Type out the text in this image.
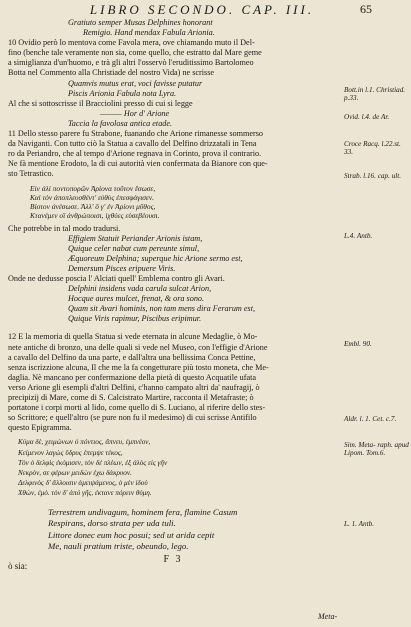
LIBRO SECONDO. CAP. III.	65

Gratiuto semper Musas Delphines honorant

Remigio. Hand mendax Fabula Arionia.

10 Ovidio però lo mentova come Favola mera, ove chiamando muto il Del-

fino (benche tale veramente non sia, come quello, che estratto dal Mare geme

a simiglianza d'un'huomo, e trà gli altri l'osservò l'eruditissimo Bartolomeo

Botta nel Commento alla Christiade del nostro Vida) ne scrisse

Quamvis mutus erat, voci favisse putatur

Piscis Arionia Fabula nota Lyra.

Al che si sottoscrisse il Bracciolini presso di cui si legge

——— Hor d' Arione

Taccia la favolosa antica etade.

11 Dello stesso parere fu Strabone, fuanando che Arione rimanesse sommerso

da Naviganti. Con tutto ciò la Statua a cavallo del Delfino drizzatali in Tena

ro da Periandro, che al tempo d'Arione regnava in Corinto, prova il contrario.

Ne fà mentione Erodoto, la di cui autorità vien confermata da Bianore con que-

sto Tetrastico.

Εἰν ἁλὶ ποντοπορῶν Ἀρίονα τοῦτον ἔσωσε,

Καὶ τὸν ἀποπλευσθέντ' εὐθὺς ἐπεσφάγισεν.

Βίοτον ἀνέσωσε. Ἀλλ' ὅ γ' ἐν Ἀρίονι μῦθος,

Κτανέμεν οἳ ἀνθρώποισι, ἰχθύες εὐσεβέουσι.

Che potrebbe in tal modo tradursi.

Effigiem Statuit Periander Arionis istam,

Quique celer nabat cum pereunte simul,

Æquoreum Delphina; superque hic Arione sermo est,

Demersum Pisces eripuere Viris.

Onde ne dedusse poscia l' Alciati quell' Emblema contro gli Avari.

Delphini insidens vada carula sulcat Arion,

Hocque aures mulcet, frenat, & ora sono.

Quam sit Avari hominis, non tam mens dira Ferarum est,

Quique Viris rapimur, Piscibus eripimur.

12 E la memoria di quella Statua si vede eternata in alcune Medaglie, ò Mo-

nete antiche di bronzo, una delle quali si vede nel Museo, con l'effigie d'Arione

a cavallo del Delfino da una parte, e dall'altra una bellissima Conca Pettine,

senza iscrizzione alcuna, Il che me la fa congetturare più tosto moneta, che Me-

daglia. Nè mancano per confermazione della pietà di questo Acquatile ufata

verso Arione gli esempli d'altri Delfini, c'hanno campato altri da' naufragij, ò

precipizij di Mare, come di S. Calcistrato Martire, racconta il Metafraste; ò

portatone i corpi morti al lido, come quello di S. Luciano, al riferire dello stes-

so Scrittore; e quell'altro (se pure non fu il medesimo) di cui scrisse Antifilo

questo Epigramma.

Κύμα δὲ, χειμώνων ὁ πόντιος, ἄπνευ, ἐμπνέον,

Κείμενον λαγὼς ὕδρυς ἐπεμψε τέκος,

Τὸν ὁ δελφὶς ἐκόμισεν, τὸν δὲ πλέων, ἐξ ἁλὸς εἰς γῆν

Νεκρὸν, σε φέρων μειδὼν ἐχω δάκρυον.

Δελφινὸς δ' ἄλλοισιν ἀμειψάμενος, ὁ μὲν ἰδοὺ

Χθὼν, ἐμὸ. τὸν δ' ἀπό γῆς, ἐκτανε πόρειν θύμη.

Terrestrem undivagum, hominem fera, flamine Casum

Respirans, dorso strata per uda tuli.

Littore donec eum hoc posui; sed ut arida cepit

Me, nauli pratium triste, obeundo, lego.

F 3

ò sia:
Meta-
Bott.in l.1. Christiad. p.33.
Ovid. l.4. de Ar.
Croce Racq. l.22.st. 33.
Strab. l.16. cap. ult.
L.4. Antb.
Embl. 90.
Aldr. l. 1. Cet. c.7.
Sim. Meta- raph. apud Lipom. Tom.6.
L. 1. Antb.
